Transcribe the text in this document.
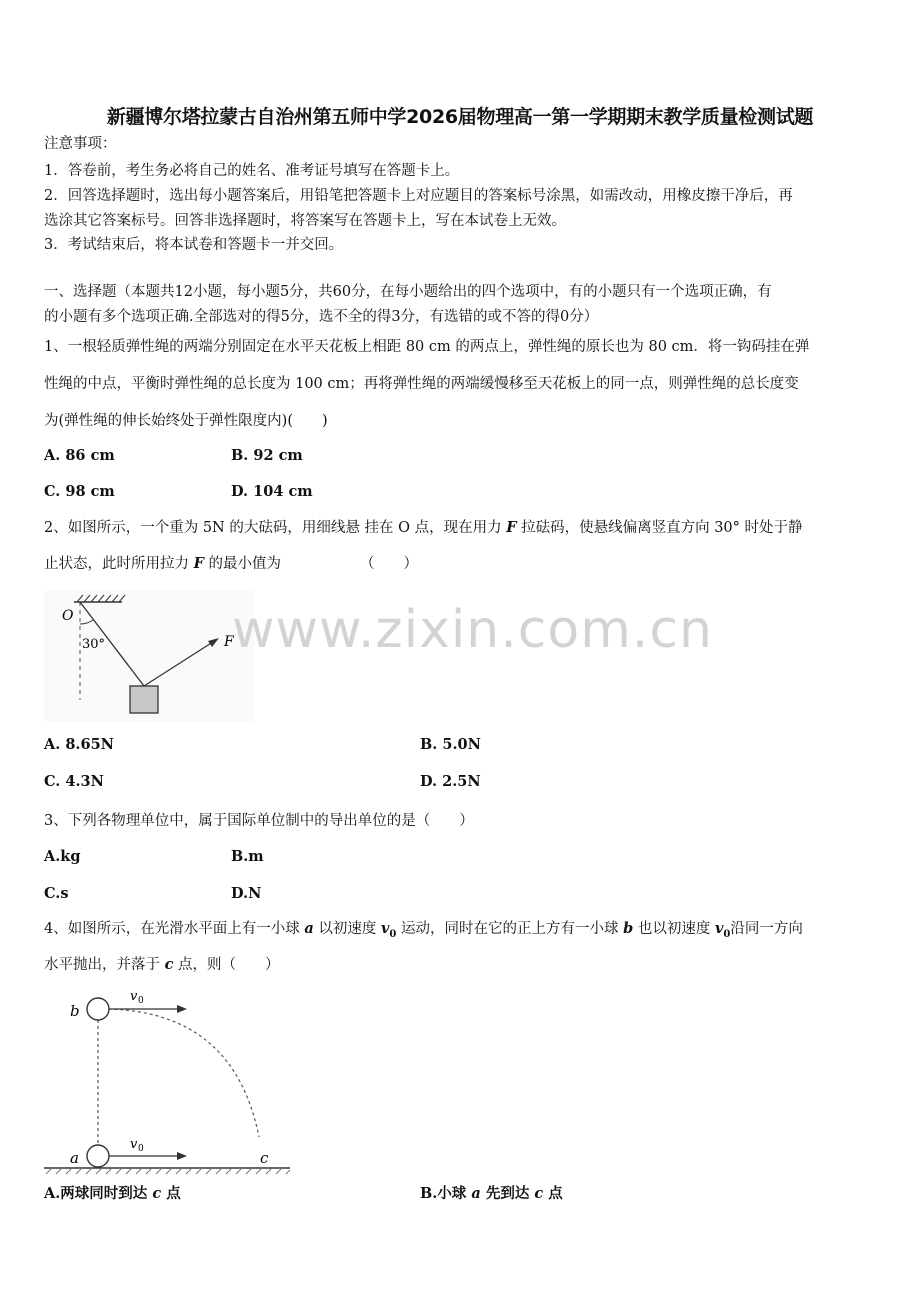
新疆博尔塔拉蒙古自治州第五师中学2026届物理高一第一学期期末教学质量检测试题
注意事项：
1．答卷前，考生务必将自己的姓名、准考证号填写在答题卡上。
2．回答选择题时，选出每小题答案后，用铅笔把答题卡上对应题目的答案标号涂黑，如需改动，用橡皮擦干净后，再
选涂其它答案标号。回答非选择题时，将答案写在答题卡上，写在本试卷上无效。
3．考试结束后，将本试卷和答题卡一并交回。
一、选择题（本题共12小题，每小题5分，共60分，在每小题给出的四个选项中，有的小题只有一个选项正确，有
的小题有多个选项正确.全部选对的得5分，选不全的得3分，有选错的或不答的得0分）
1、一根轻质弹性绳的两端分别固定在水平天花板上相距 80 cm 的两点上，弹性绳的原长也为 80 cm．将一钩码挂在弹
性绳的中点，平衡时弹性绳的总长度为 100 cm；再将弹性绳的两端缓慢移至天花板上的同一点，则弹性绳的总长度变
为(弹性绳的伸长始终处于弹性限度内)(　　)
A. 86 cm	B. 92 cm
C. 98 cm	D. 104 cm
2、如图所示，一个重为 5N 的大砝码，用细线悬 挂在 O 点，现在用力 F 拉砝码，使悬线偏离竖直方向 30° 时处于静
止状态，此时所用拉力 F 的最小值为	（　　）
O
30°	F
A. 8.65N	B. 5.0N
C. 4.3N	D. 2.5N
3、下列各物理单位中，属于国际单位制中的导出单位的是（　　）
A.kg	B.m
C.s	D.N
4、如图所示，在光滑水平面上有一小球 a 以初速度 $v_0$ 运动，同时在它的正上方有一小球 b 也以初速度 $v_0$沿同一方向
水平抛出，并落于 c 点，则（　　）
b
a	c
v 0
v 0
A.两球同时到达 c 点	B.小球 a 先到达 c 点
www.zixin.com.cn
